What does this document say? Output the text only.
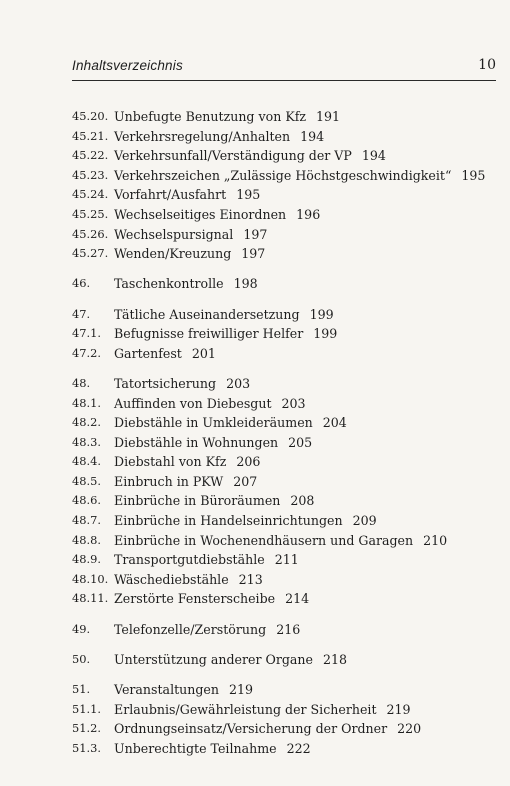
Inhaltsverzeichnis	10
45.20. Unbefugte Benutzung von Kfz 191
45.21. Verkehrsregelung/Anhalten 194
45.22. Verkehrsunfall/Verständigung der VP 194
45.23. Verkehrszeichen „Zulässige Höchstgeschwindigkeit“ 195
45.24. Vorfahrt/Ausfahrt 195
45.25. Wechselseitiges Einordnen 196
45.26. Wechselspursignal 197
45.27. Wenden/Kreuzung 197
46.	Taschenkontrolle 198
47.	Tätliche Auseinandersetzung 199
47.1.	Befugnisse freiwilliger Helfer 199
47.2.	Gartenfest 201
48.	Tatortsicherung 203
48.1.	Auffinden von Diebesgut 203
48.2.	Diebstähle in Umkleideräumen 204
48.3.	Diebstähle in Wohnungen 205
48.4.	Diebstahl von Kfz 206
48.5.	Einbruch in PKW 207
48.6.	Einbrüche in Büroräumen 208
48.7.	Einbrüche in Handelseinrichtungen 209
48.8.	Einbrüche in Wochenendhäusern und Garagen 210
48.9.	Transportgutdiebstähle 211
48.10. Wäschediebstähle 213
48.11. Zerstörte Fensterscheibe 214
49.	Telefonzelle/Zerstörung 216
50.	Unterstützung anderer Organe 218
51.	Veranstaltungen 219
51.1.	Erlaubnis/Gewährleistung der Sicherheit 219
51.2.	Ordnungseinsatz/Versicherung der Ordner 220
51.3.	Unberechtigte Teilnahme 222
